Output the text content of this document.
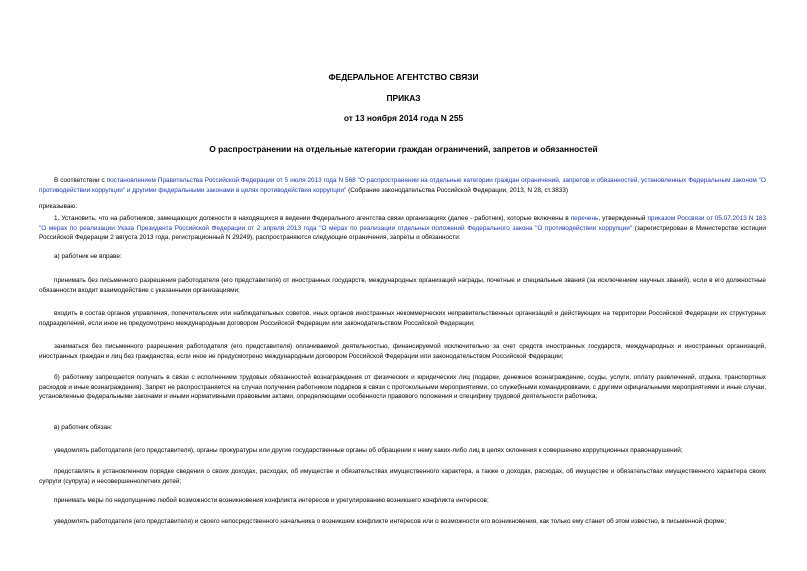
ФЕДЕРАЛЬНОЕ АГЕНТСТВО СВЯЗИ
ПРИКАЗ
от 13 ноября 2014 года N 255
О распространении на отдельные категории граждан ограничений, запретов и обязанностей

В соответствии с постановлением Правительства Российской Федерации от 5 июля 2013 года N 568 "О распространении на отдельные категории граждан ограничений, запретов и обязанностей, установленных Федеральным законом "О противодействии коррупции" и другими федеральными законами в целях противодействия коррупции" (Собрание законодательства Российской Федерации, 2013, N 28, ст.3833)

приказываю:

1. Установить, что на работников, замещающих должности в находящихся в ведении Федерального агентства связи организациях (далее - работник), которые включены в перечень, утвержденный приказом Россвязи от 05.07.2013 N 183 "О мерах по реализации Указа Президента Российской Федерации от 2 апреля 2013 года "О мерах по реализации отдельных положений Федерального закона "О противодействии коррупции" (зарегистрирован в Министерстве юстиции Российской Федерации 2 августа 2013 года, регистрационный N 29249), распространяются следующие ограничения, запреты и обязанности:

а) работник не вправе:

принимать без письменного разрешения работодателя (его представителя) от иностранных государств, международных организаций награды, почетные и специальные звания (за исключением научных званий), если в его должностные обязанности входит взаимодействие с указанными организациями;

входить в состав органов управления, попечительских или наблюдательных советов, иных органов иностранных некоммерческих неправительственных организаций и действующих на территории Российской Федерации их структурных подразделений, если иное не предусмотрено международным договором Российской Федерации или законодательством Российской Федерации;

заниматься без письменного разрешения работодателя (его представителя) оплачиваемой деятельностью, финансируемой исключительно за счет средств иностранных государств, международных и иностранных организаций, иностранных граждан и лиц без гражданства, если иное не предусмотрено международным договором Российской Федерации или законодательством Российской Федерации;

б) работнику запрещается получать в связи с исполнением трудовых обязанностей вознаграждения от физических и юридических лиц (подарки, денежное вознаграждение, ссуды, услуги, оплату развлечений, отдыха, транспортных расходов и иные вознаграждения). Запрет не распространяется на случаи получения работником подарков в связи с протокольными мероприятиями, со служебными командировками, с другими официальными мероприятиями и иные случаи, установленные федеральными законами и иными нормативными правовыми актами, определяющими особенности правового положения и специфику трудовой деятельности работника;

в) работник обязан:

уведомлять работодателя (его представителя), органы прокуратуры или другие государственные органы об обращении к нему каких-либо лиц в целях склонения к совершению коррупционных правонарушений;

представлять в установленном порядке сведения о своих доходах, расходах, об имуществе и обязательствах имущественного характера, а также о доходах, расходах, об имуществе и обязательствах имущественного характера своих супруги (супруга) и несовершеннолетних детей;

принимать меры по недопущению любой возможности возникновения конфликта интересов и урегулированию возникшего конфликта интересов;

уведомлять работодателя (его представителя) и своего непосредственного начальника о возникшем конфликте интересов или о возможности его возникновения, как только ему станет об этом известно, в письменной форме;
